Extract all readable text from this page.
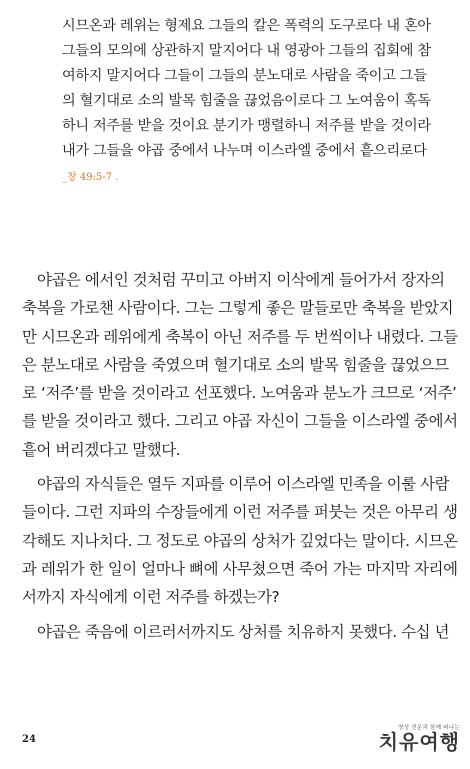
시므온과 레위는 형제요 그들의 칼은 폭력의 도구로다 내 혼아
그들의 모의에 상관하지 말지어다 내 영광아 그들의 집회에 참
여하지 말지어다 그들이 그들의 분노대로 사람을 죽이고 그들
의 혈기대로 소의 발목 힘줄을 끊었음이로다 그 노여움이 혹독
하니 저주를 받을 것이요 분기가 맹렬하니 저주를 받을 것이라
내가 그들을 야곱 중에서 나누며 이스라엘 중에서 흩으리로다
_창 49:5-7 .
야곱은 에서인 것처럼 꾸미고 아버지 이삭에게 들어가서 장자의
축복을 가로챈 사람이다. 그는 그렇게 좋은 말들로만 축복을 받았지
만 시므온과 레위에게 축복이 아닌 저주를 두 번씩이나 내렸다. 그들
은 분노대로 사람을 죽였으며 혈기대로 소의 발목 힘줄을 끊었으므
로 ‘저주’를 받을 것이라고 선포했다. 노여움과 분노가 크므로 ‘저주’
를 받을 것이라고 했다. 그리고 야곱 자신이 그들을 이스라엘 중에서
흩어 버리겠다고 말했다.
야곱의 자식들은 열두 지파를 이루어 이스라엘 민족을 이룰 사람
들이다. 그런 지파의 수장들에게 이런 저주를 퍼붓는 것은 아무리 생
각해도 지나치다. 그 정도로 야곱의 상처가 깊었다는 말이다. 시므온
과 레위가 한 일이 얼마나 뼈에 사무쳤으면 죽어 가는 마지막 자리에
서까지 자식에게 이런 저주를 하겠는가?
야곱은 죽음에 이르러서까지도 상처를 치유하지 못했다. 수십 년
24
영성 전문과 함께 떠나는
치유여행
